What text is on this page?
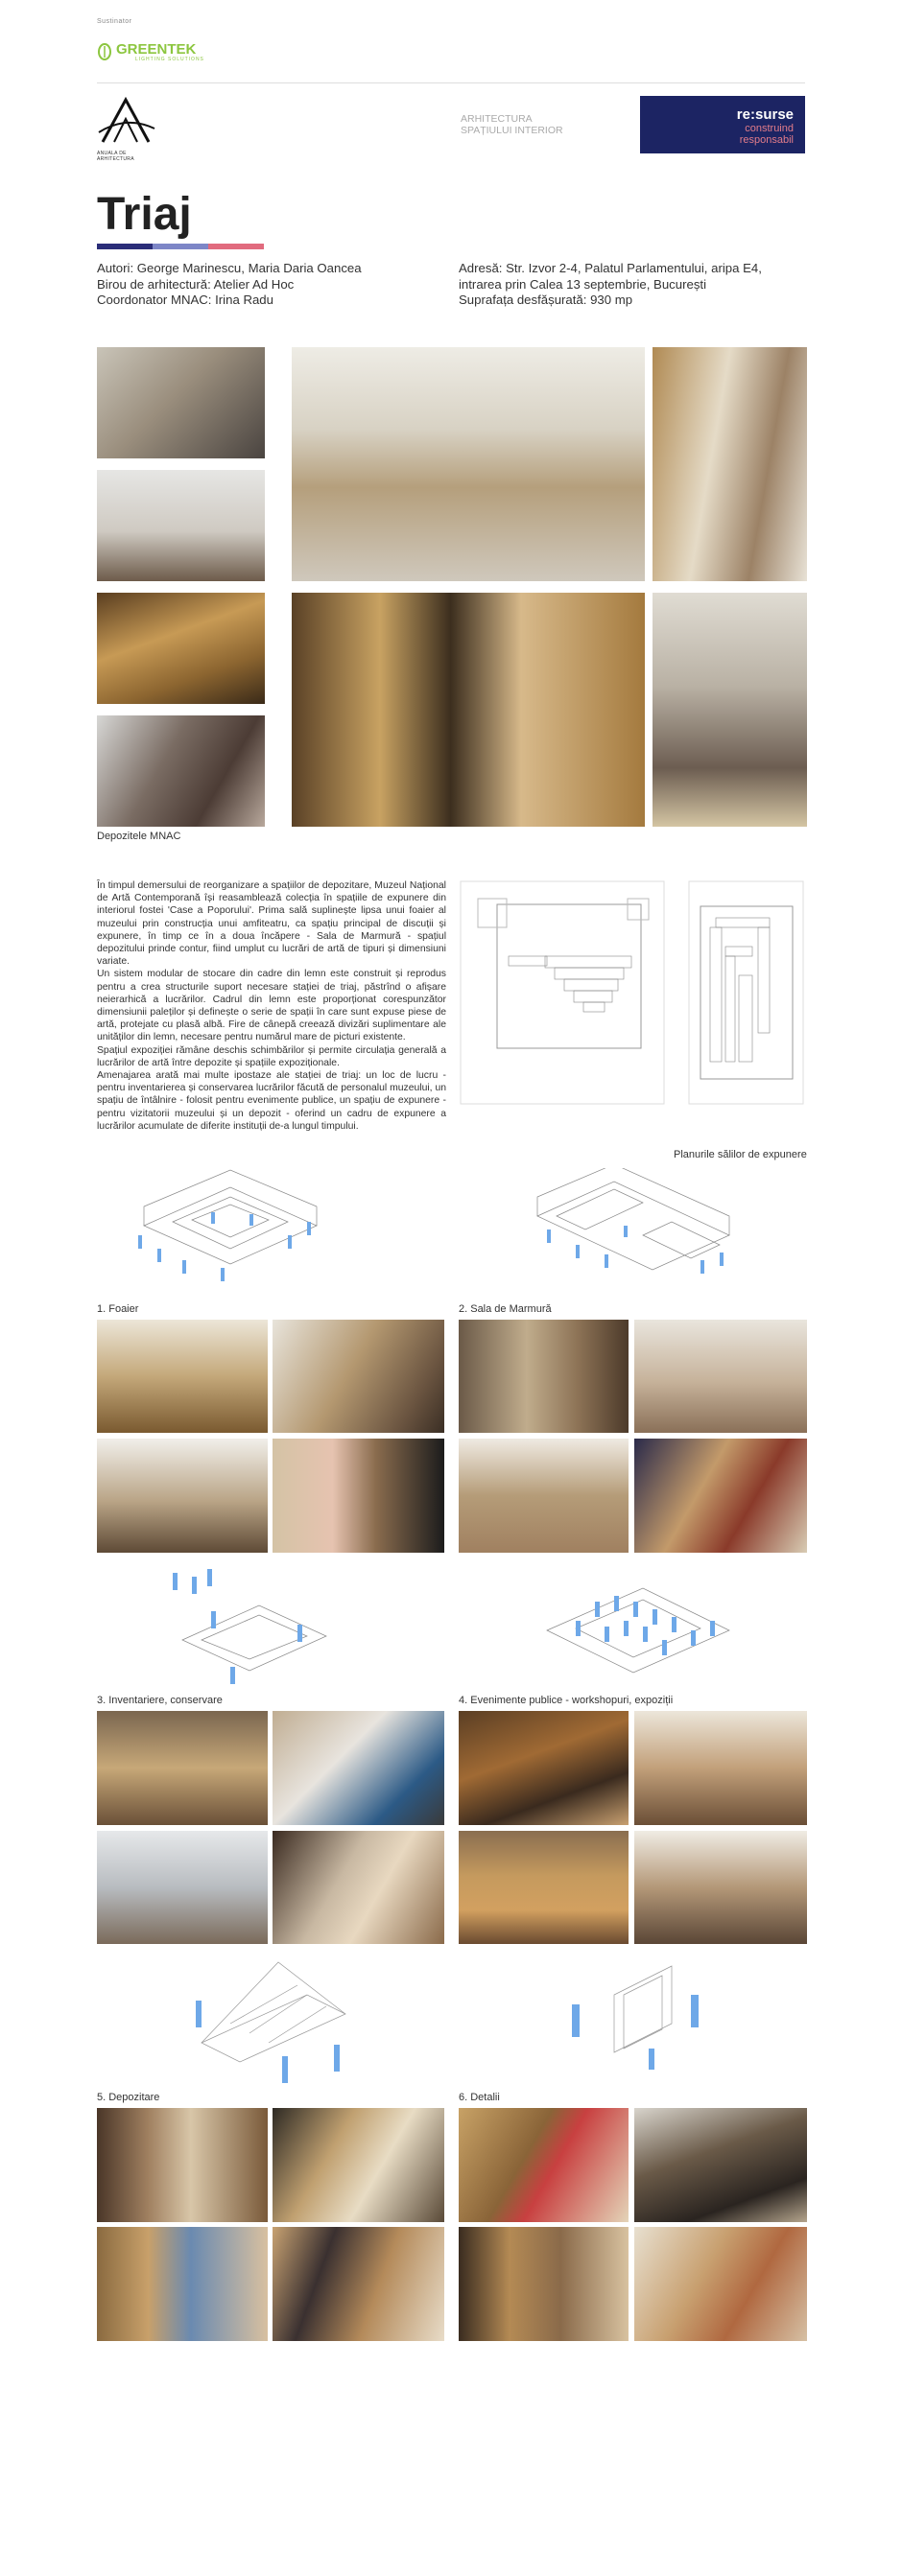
Sustinator
GREENTEK
LIGHTING SOLUTIONS
ANUALA DE ARHITECTURA
ARHITECTURA SPAȚIULUI INTERIOR
re:surse
construind
responsabil
Triaj
Autori: George Marinescu, Maria Daria Oancea
Birou de arhitectură: Atelier Ad Hoc
Coordonator MNAC: Irina Radu
Adresă: Str. Izvor 2-4, Palatul Parlamentului, aripa E4,
intrarea prin Calea 13 septembrie, București
Suprafața desfășurată: 930 mp
Depozitele MNAC
În timpul demersului de reorganizare a spațiilor de depozitare, Muzeul Național de Artă Contemporană își reasamblează colecția în spațiile de expunere din interiorul fostei 'Case a Poporului'. Prima sală suplinește lipsa unui foaier al muzeului prin construcția unui amfiteatru, ca spațiu principal de discuții și expunere, în timp ce în a doua încăpere - Sala de Marmură - spațiul depozitului prinde contur, fiind umplut cu lucrări de artă de tipuri și dimensiuni variate.
Un sistem modular de stocare din cadre din lemn este construit și reprodus pentru a crea structurile suport necesare stației de triaj, păstrînd o afișare neierarhică a lucrărilor. Cadrul din lemn este proporționat corespunzător dimensiunii paleților și definește o serie de spații în care sunt expuse piese de artă, protejate cu plasă albă. Fire de cânepă creează divizări suplimentare ale unităților din lemn, necesare pentru numărul mare de picturi existente.
Spațiul expoziției rămâne deschis schimbărilor și permite circulația generală a lucrărilor de artă între depozite și spațiile expoziționale.
Amenajarea arată mai multe ipostaze ale stației de triaj: un loc de lucru - pentru inventarierea și conservarea lucrărilor făcută de personalul muzeului, un spațiu de întâlnire - folosit pentru evenimente publice, un spațiu de expunere - pentru vizitatorii muzeului și un depozit - oferind un cadru de expunere a lucrărilor acumulate de diferite instituții de-a lungul timpului.
Planurile sălilor de expunere
1. Foaier	2. Sala de Marmură
3. Inventariere, conservare	4. Evenimente publice - workshopuri, expoziții
5. Depozitare	6. Detalii
